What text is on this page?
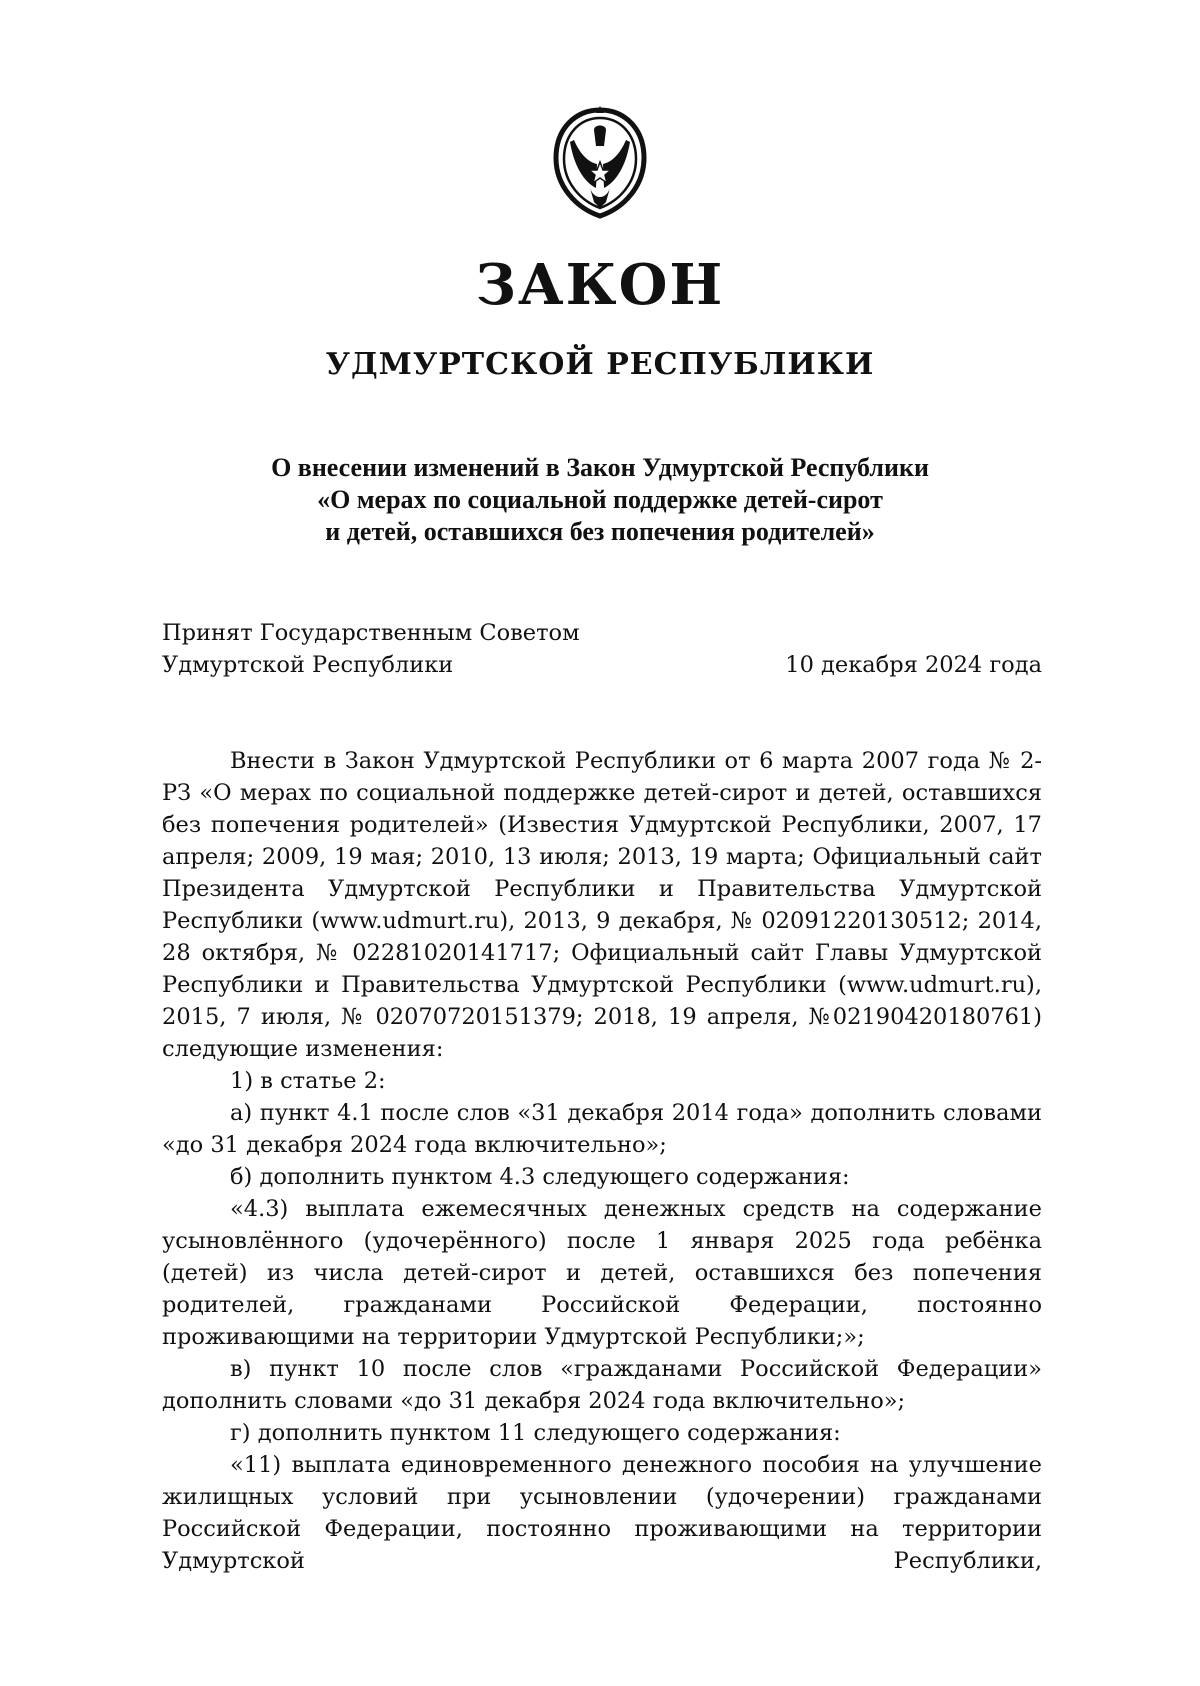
ЗАКОН
УДМУРТСКОЙ РЕСПУБЛИКИ
О внесении изменений в Закон Удмуртской Республики
«О мерах по социальной поддержке детей-сирот
и детей, оставшихся без попечения родителей»
Принят Государственным Советом
Удмуртской Республики	10 декабря 2024 года

Внести в Закон Удмуртской Республики от 6 марта 2007 года № 2-РЗ «О мерах по социальной поддержке детей-сирот и детей, оставшихся без попечения родителей» (Известия Удмуртской Республики, 2007, 17 апреля; 2009, 19 мая; 2010, 13 июля; 2013, 19 марта; Официальный сайт Президента Удмуртской Республики и Правительства Удмуртской Республики (www.udmurt.ru), 2013, 9 декабря, № 02091220130512; 2014, 28 октября, № 02281020141717; Официальный сайт Главы Удмуртской Республики и Правительства Удмуртской Республики (www.udmurt.ru), 2015, 7 июля, № 02070720151379; 2018, 19 апреля, №02190420180761) следующие изменения:

1) в статье 2:

а) пункт 4.1 после слов «31 декабря 2014 года» дополнить словами «до 31 декабря 2024 года включительно»;

б) дополнить пунктом 4.3 следующего содержания:

«4.3) выплата ежемесячных денежных средств на содержание усыновлённого (удочерённого) после 1 января 2025 года ребёнка (детей) из числа детей-сирот и детей, оставшихся без попечения родителей, гражданами Российской Федерации, постоянно проживающими на территории Удмуртской Республики;»;

в) пункт 10 после слов «гражданами Российской Федерации» дополнить словами «до 31 декабря 2024 года включительно»;

г) дополнить пунктом 11 следующего содержания:

«11) выплата единовременного денежного пособия на улучшение жилищных условий при усыновлении (удочерении) гражданами Российской Федерации, постоянно проживающими на территории Удмуртской Республики,
